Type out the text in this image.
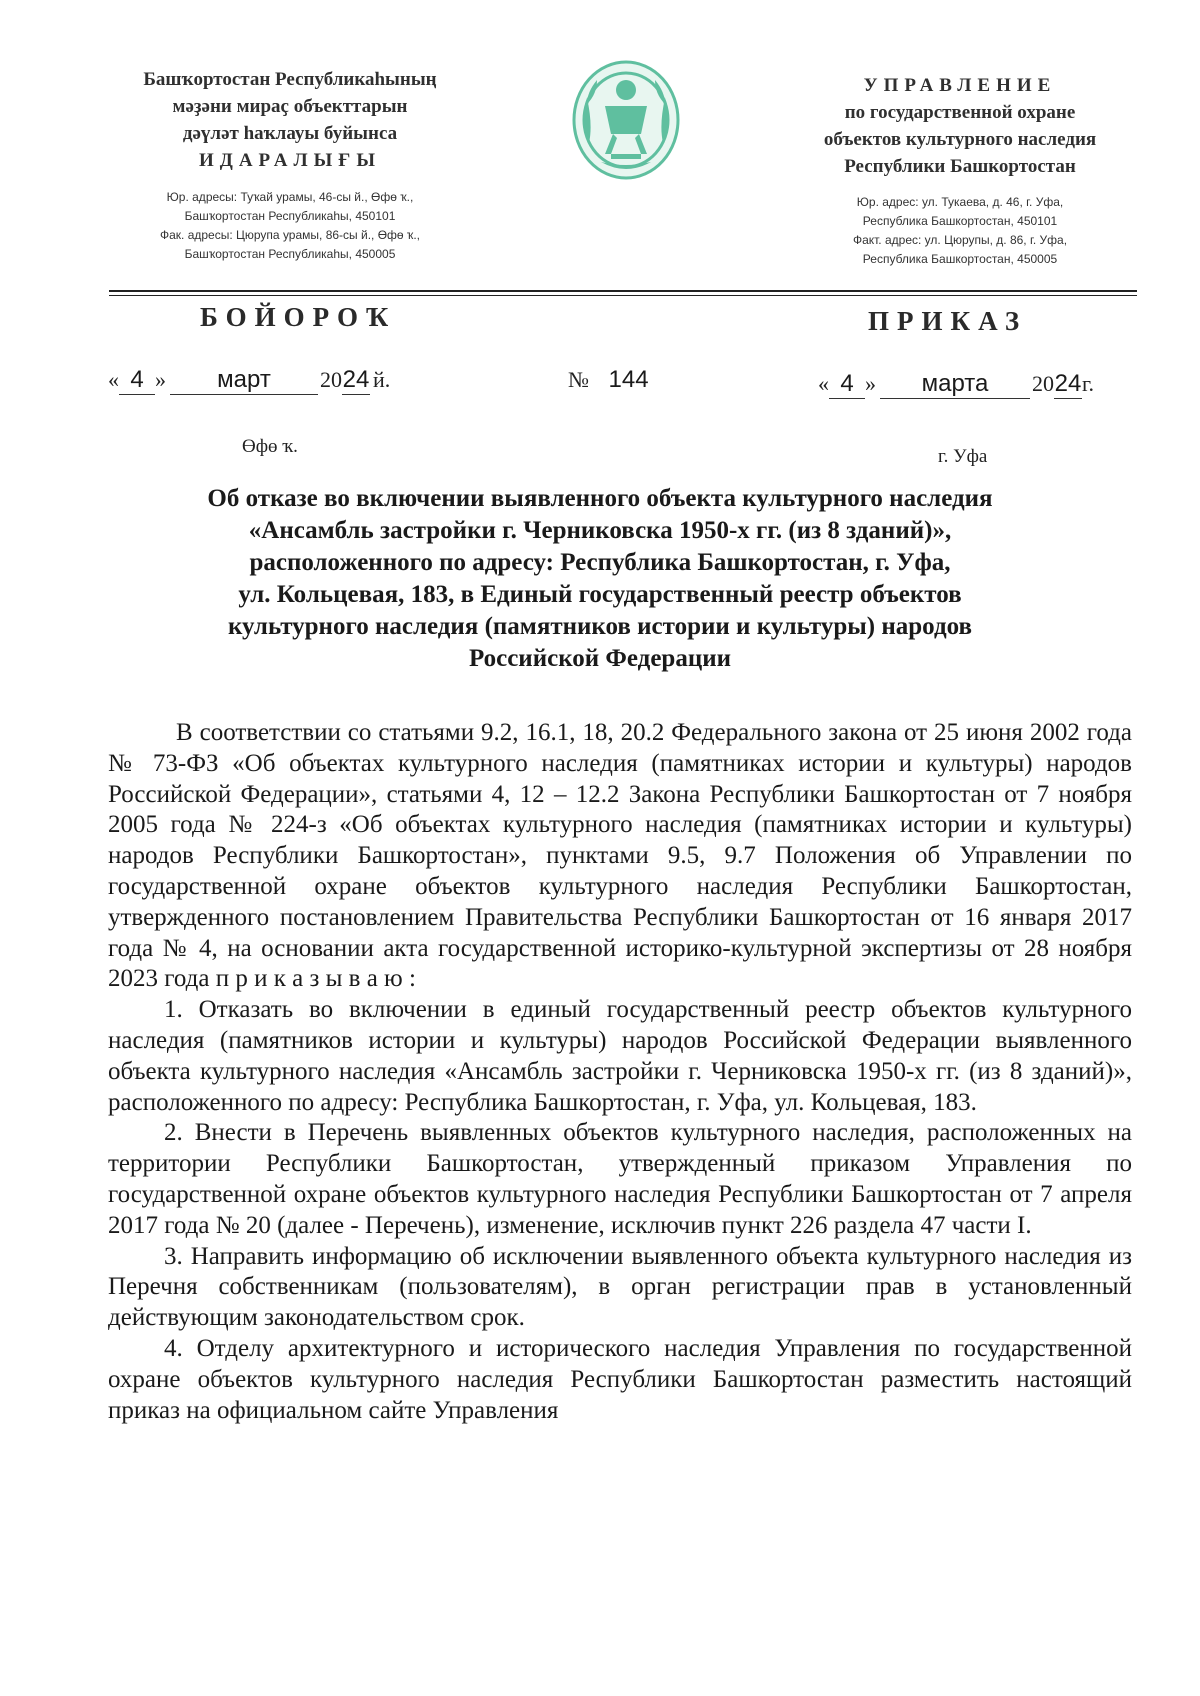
Башҡортостан Республикаһының
мәҙәни мираҫ объекттарын
дәүләт һаҡлауы буйынса
ИДАРАЛЫҒЫ
Юр. адресы: Туҡай урамы, 46-сы й., Өфө ҡ.,
Башҡортостан Республикаһы, 450101
Фак. адресы: Цюрупа урамы, 86-сы й., Өфө ҡ.,
Башҡортостан Республикаһы, 450005
УПРАВЛЕНИЕ
по государственной охране
объектов культурного наследия
Республики Башкортостан
Юр. адрес: ул. Тукаева, д. 46, г. Уфа,
Республика Башкортостан, 450101
Факт. адрес: ул. Цюрупы, д. 86, г. Уфа,
Республика Башкортостан, 450005
БОЙОРОҠ	ПРИКАЗ
« 4 » март 2024 й.	№ 144	« 4 » марта 2024г.
Өфө ҡ.	г. Уфа
Об отказе во включении выявленного объекта культурного наследия
«Ансамбль застройки г. Черниковска 1950-х гг. (из 8 зданий)»,
расположенного по адресу: Республика Башкортостан, г. Уфа,
ул. Кольцевая, 183, в Единый государственный реестр объектов
культурного наследия (памятников истории и культуры) народов
Российской Федерации

В соответствии со статьями 9.2, 16.1, 18, 20.2 Федерального закона от 25 июня 2002 года № 73-ФЗ «Об объектах культурного наследия (памятниках истории и культуры) народов Российской Федерации», статьями 4, 12 – 12.2 Закона Республики Башкортостан от 7 ноября 2005 года № 224-з «Об объектах культурного наследия (памятниках истории и культуры) народов Республики Башкортостан», пунктами 9.5, 9.7 Положения об Управлении по государственной охране объектов культурного наследия Республики Башкортостан, утвержденного постановлением Правительства Республики Башкортостан от 16 января 2017 года № 4, на основании акта государственной историко-культурной экспертизы от 28 ноября 2023 года п р и к а з ы в а ю :

1. Отказать во включении в единый государственный реестр объектов культурного наследия (памятников истории и культуры) народов Российской Федерации выявленного объекта культурного наследия «Ансамбль застройки г. Черниковска 1950-х гг. (из 8 зданий)», расположенного по адресу: Республика Башкортостан, г. Уфа, ул. Кольцевая, 183.

2. Внести в Перечень выявленных объектов культурного наследия, расположенных на территории Республики Башкортостан, утвержденный приказом Управления по государственной охране объектов культурного наследия Республики Башкортостан от 7 апреля 2017 года № 20 (далее - Перечень), изменение, исключив пункт 226 раздела 47 части I.

3. Направить информацию об исключении выявленного объекта культурного наследия из Перечня собственникам (пользователям), в орган регистрации прав в установленный действующим законодательством срок.

4. Отделу архитектурного и исторического наследия Управления по государственной охране объектов культурного наследия Республики Башкортостан разместить настоящий приказ на официальном сайте Управления
